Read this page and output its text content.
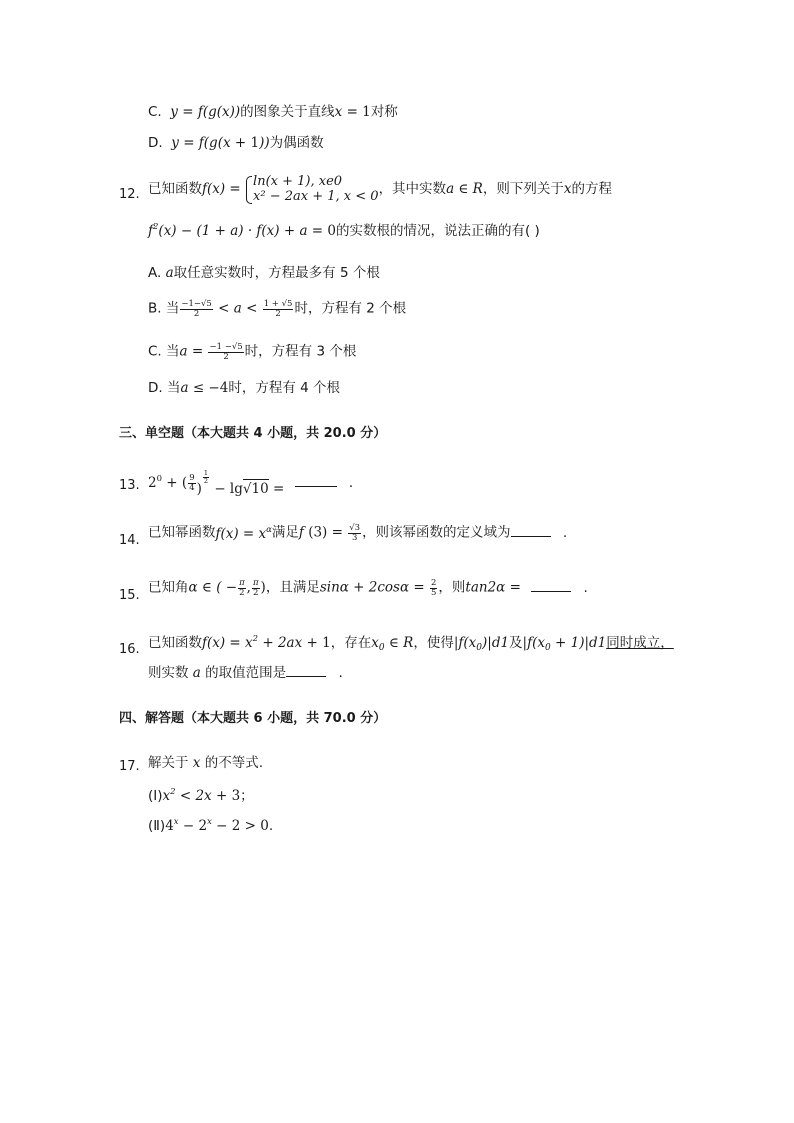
C.  y = f(g(x))的图象关于直线x = 1对称
D.  y = f(g(x + 1))为偶函数
12. 已知函数f(x) = ln(x + 1), xe0
x² − 2ax + 1, x < 0 ，其中实数a ∈ R，则下列关于x的方程
$f^2(x) - (1 + a) \cdot f(x) + a = 0$的实数根的情况，说法正确的有( )
A. a取任意实数时，方程最多有 5 个根
B. 当 $\frac{-1-√5}{2} < a < \frac{1 + √5}{2}$ 时，方程有 2 个根
C. 当$a = \frac{-1 -√5}{2}$ 时，方程有 3 个根
D. 当a ≤ −4时，方程有 4 个根
三、单空题（本大题共 4 小题，共 20.0 分）
13. $2^0$ + ( $\frac{9}{4}$ )
$\frac{1}{2}$
− lg√10 =	.
14. 已知幂函数$f(x) = x^\alpha$满足f $(3) = \frac{√3}{3}$ ，则该幂函数的定义域为	.
15. 已知角α ∈ ( − $\frac{\pi}{2}$ , $\frac{\pi}{2}$ )，且满足$\sin\alpha + 2\cos\alpha = \frac{2}{5}$ ，则tan2α =	.
16. 已知函数$f(x) = x^2 + 2ax + 1$，存在$x_0$ ∈ R，使得$|f(x_0)|d1$及$|f(x_0 + 1)|d1$同时成立，
则实数 a 的取值范围是	.
四、解答题（本大题共 6 小题，共 70.0 分）
17. 解关于 x 的不等式.
$(Ⅰ)x^2 < 2x + 3$；
$(Ⅱ)4^x - 2^x - 2 > 0$.
